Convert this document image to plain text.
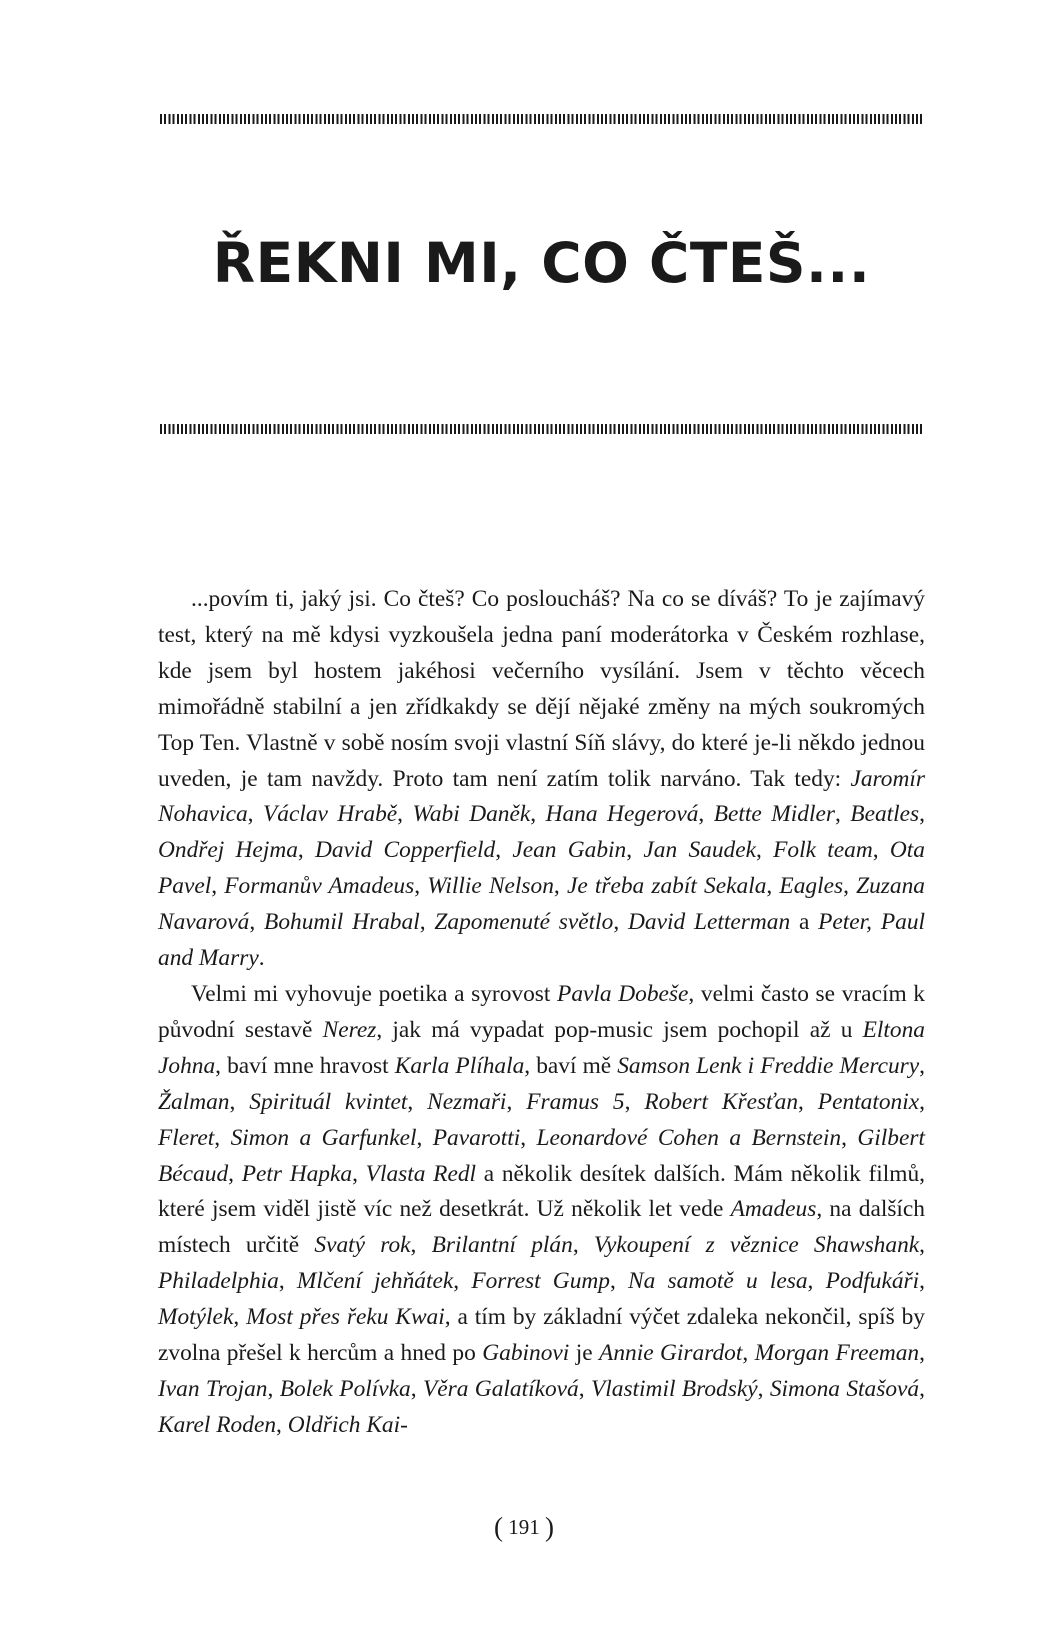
ŘEKNI MI, CO ČTEŠ...

...povím ti, jaký jsi. Co čteš? Co posloucháš? Na co se díváš? To je zajímavý test, který na mě kdysi vyzkoušela jedna paní moderátorka v Českém rozhlase, kde jsem byl hostem jakéhosi večerního vysílání. Jsem v těchto věcech mimořádně stabilní a jen zřídkakdy se dějí nějaké změny na mých soukromých Top Ten. Vlastně v sobě nosím svoji vlastní Síň slávy, do které je-li někdo jednou uveden, je tam navždy. Proto tam není zatím tolik narváno. Tak tedy: Jaromír Nohavica, Václav Hrabě, Wabi Daněk, Hana Hegerová, Bette Midler, Beatles, Ondřej Hejma, David Copperfield, Jean Gabin, Jan Saudek, Folk team, Ota Pavel, Formanův Amadeus, Willie Nelson, Je třeba zabít Sekala, Eagles, Zuzana Navarová, Bohumil Hrabal, Zapomenuté světlo, David Letterman a Peter, Paul and Marry.

Velmi mi vyhovuje poetika a syrovost Pavla Dobeše, velmi často se vracím k původní sestavě Nerez, jak má vypadat pop-music jsem pochopil až u Eltona Johna, baví mne hravost Karla Plíhala, baví mě Samson Lenk i Freddie Mercury, Žalman, Spirituál kvintet, Nezmaři, Framus 5, Robert Křesťan, Pentatonix, Fleret, Simon a Garfunkel, Pavarotti, Leonardové Cohen a Bernstein, Gilbert Bécaud, Petr Hapka, Vlasta Redl a několik desítek dalších. Mám několik filmů, které jsem viděl jistě víc než desetkrát. Už několik let vede Amadeus, na dalších místech určitě Svatý rok, Brilantní plán, Vykoupení z věznice Shawshank, Philadelphia, Mlčení jehňátek, Forrest Gump, Na samotě u lesa, Podfukáři, Motýlek, Most přes řeku Kwai, a tím by základní výčet zdaleka nekončil, spíš by zvolna přešel k hercům a hned po Gabinovi je Annie Girardot, Morgan Freeman, Ivan Trojan, Bolek Polívka, Věra Galatíková, Vlastimil Brodský, Simona Stašová, Karel Roden, Oldřich Kai-

( 191 )
